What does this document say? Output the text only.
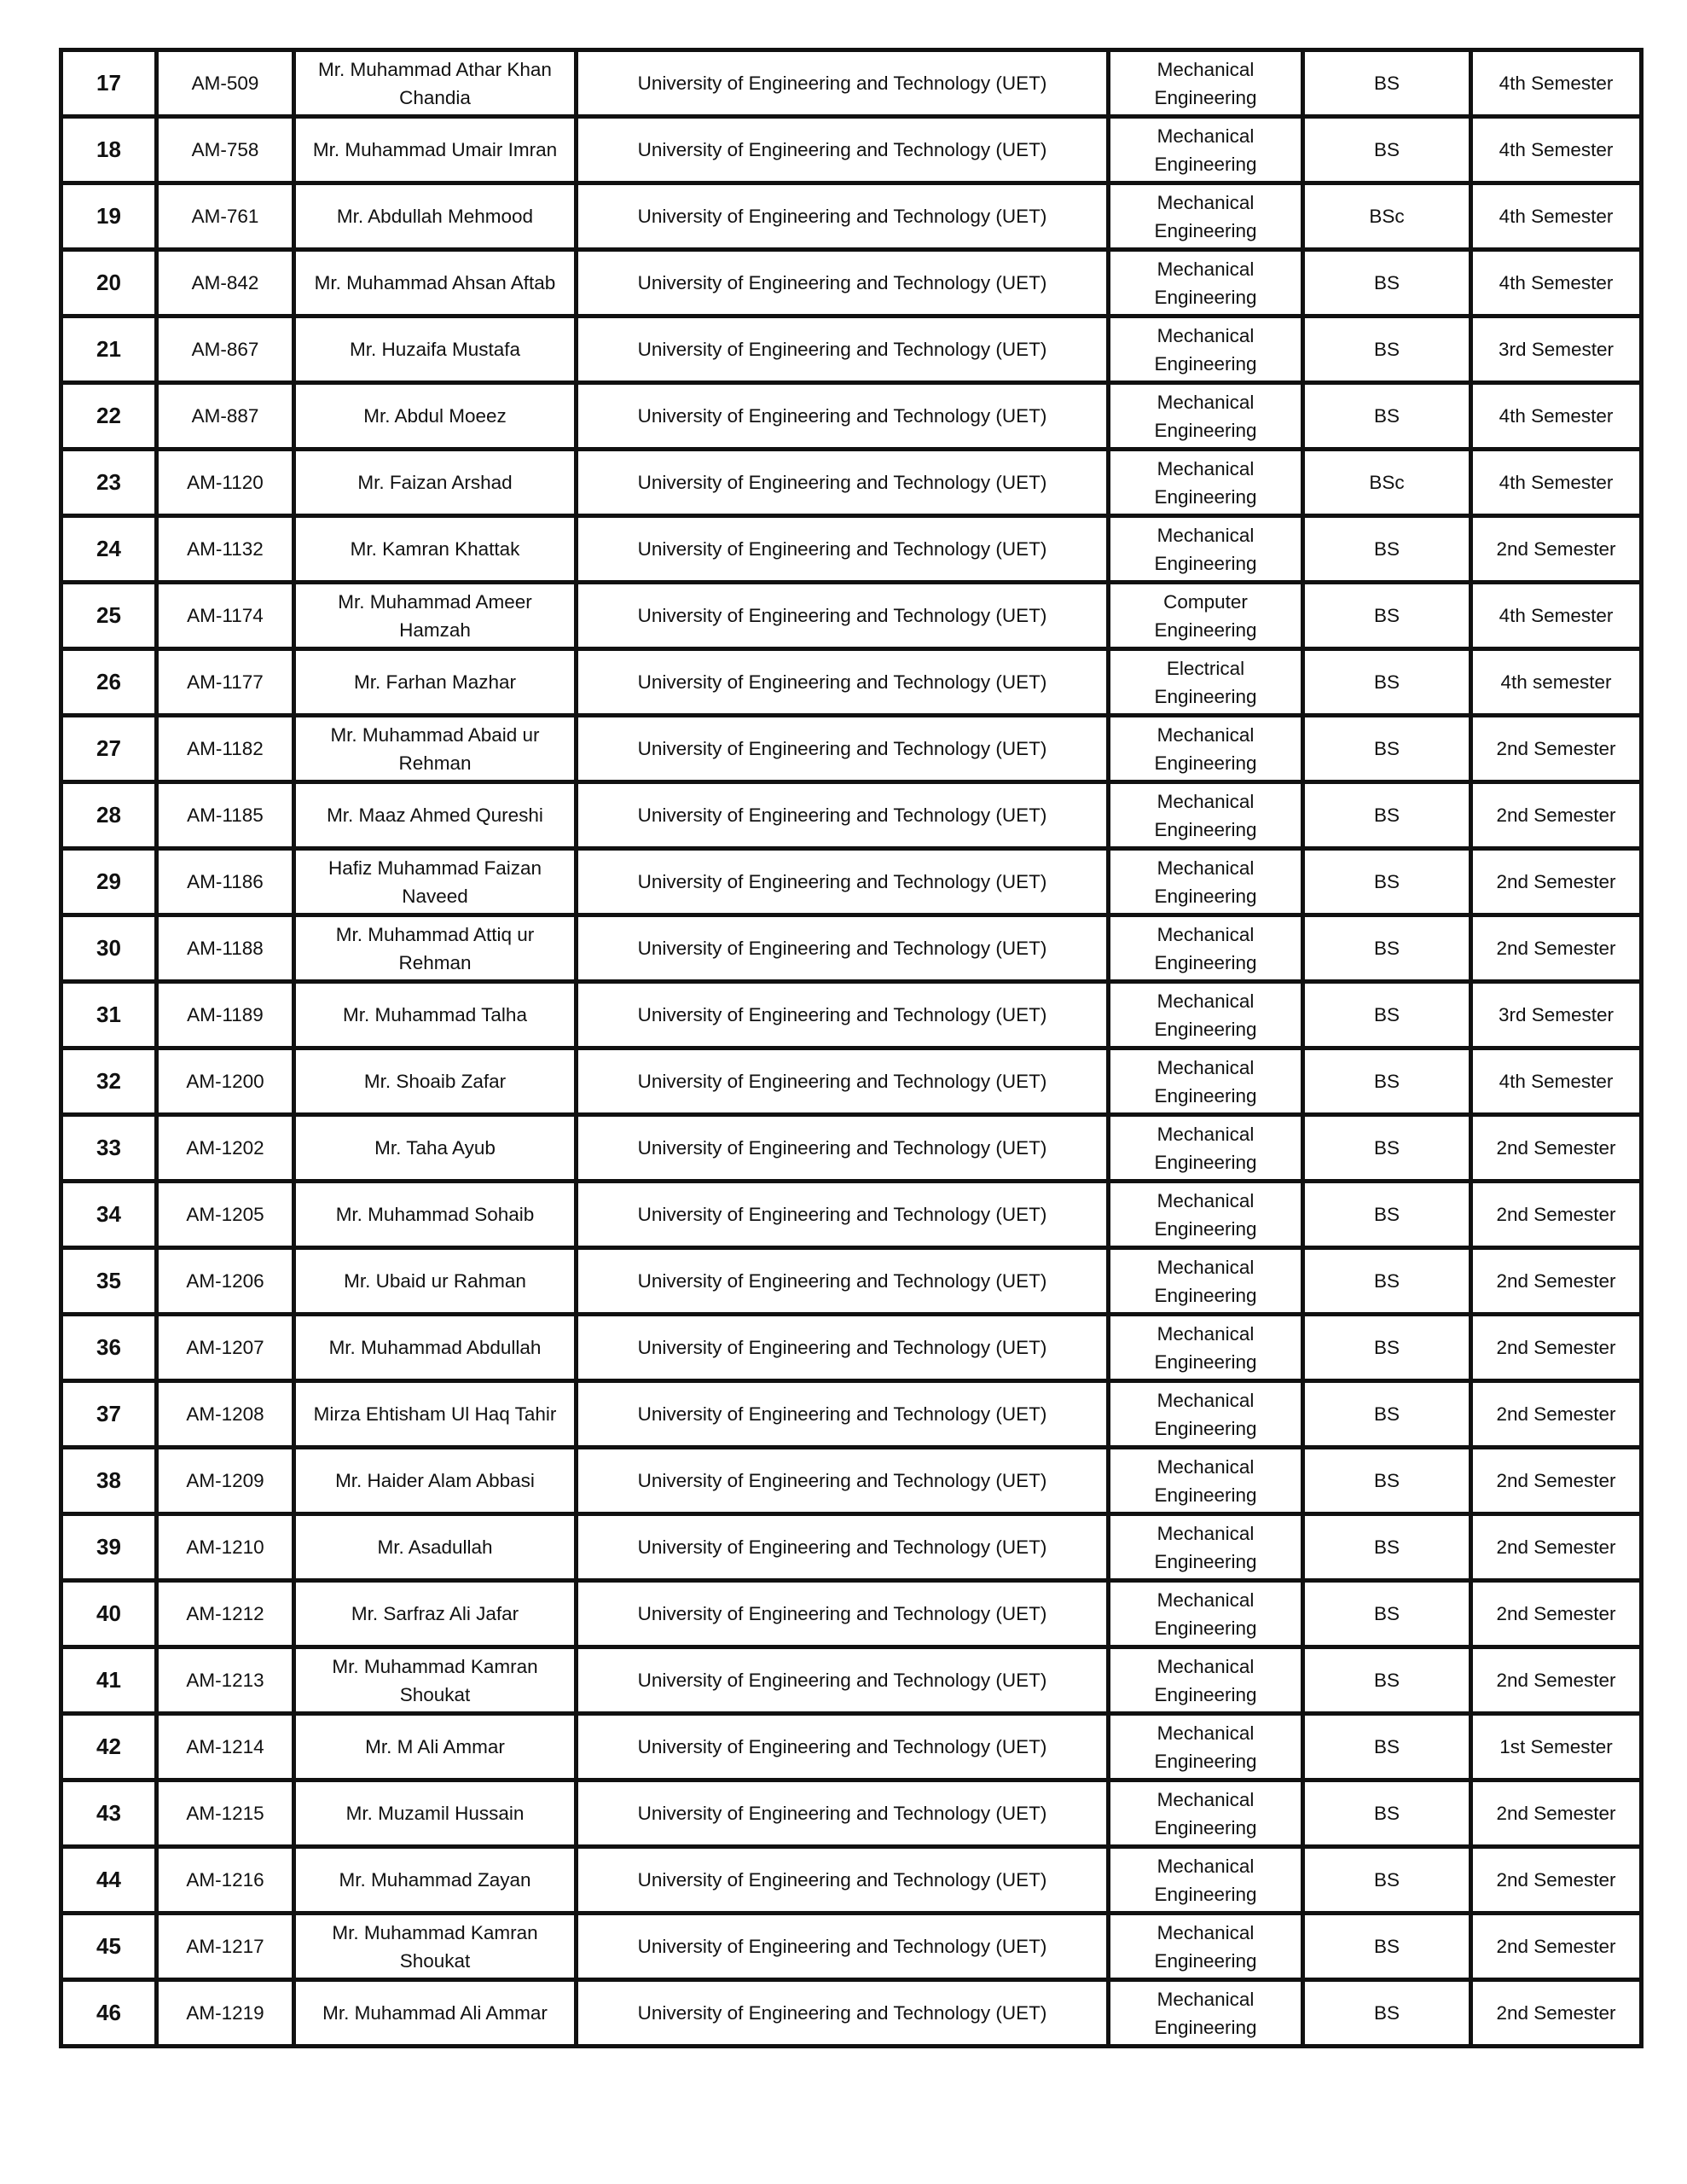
17	AM-509	Mr. Muhammad Athar Khan Chandia	University of Engineering and Technology (UET)	Mechanical Engineering	BS	4th Semester
18	AM-758	Mr. Muhammad Umair Imran	University of Engineering and Technology (UET)	Mechanical Engineering	BS	4th Semester
19	AM-761	Mr. Abdullah Mehmood	University of Engineering and Technology (UET)	Mechanical Engineering	BSc	4th Semester
20	AM-842	Mr. Muhammad Ahsan Aftab	University of Engineering and Technology (UET)	Mechanical Engineering	BS	4th Semester
21	AM-867	Mr. Huzaifa Mustafa	University of Engineering and Technology (UET)	Mechanical Engineering	BS	3rd Semester
22	AM-887	Mr. Abdul Moeez	University of Engineering and Technology (UET)	Mechanical Engineering	BS	4th Semester
23	AM-1120	Mr. Faizan Arshad	University of Engineering and Technology (UET)	Mechanical Engineering	BSc	4th Semester
24	AM-1132	Mr. Kamran Khattak	University of Engineering and Technology (UET)	Mechanical Engineering	BS	2nd Semester
25	AM-1174	Mr. Muhammad Ameer Hamzah	University of Engineering and Technology (UET)	Computer Engineering	BS	4th Semester
26	AM-1177	Mr. Farhan Mazhar	University of Engineering and Technology (UET)	Electrical Engineering	BS	4th semester
27	AM-1182	Mr. Muhammad Abaid ur Rehman	University of Engineering and Technology (UET)	Mechanical Engineering	BS	2nd Semester
28	AM-1185	Mr. Maaz Ahmed Qureshi	University of Engineering and Technology (UET)	Mechanical Engineering	BS	2nd Semester
29	AM-1186	Hafiz Muhammad Faizan Naveed	University of Engineering and Technology (UET)	Mechanical Engineering	BS	2nd Semester
30	AM-1188	Mr. Muhammad Attiq ur Rehman	University of Engineering and Technology (UET)	Mechanical Engineering	BS	2nd Semester
31	AM-1189	Mr. Muhammad Talha	University of Engineering and Technology (UET)	Mechanical Engineering	BS	3rd Semester
32	AM-1200	Mr. Shoaib Zafar	University of Engineering and Technology (UET)	Mechanical Engineering	BS	4th Semester
33	AM-1202	Mr. Taha Ayub	University of Engineering and Technology (UET)	Mechanical Engineering	BS	2nd Semester
34	AM-1205	Mr. Muhammad Sohaib	University of Engineering and Technology (UET)	Mechanical Engineering	BS	2nd Semester
35	AM-1206	Mr. Ubaid ur Rahman	University of Engineering and Technology (UET)	Mechanical Engineering	BS	2nd Semester
36	AM-1207	Mr. Muhammad Abdullah	University of Engineering and Technology (UET)	Mechanical Engineering	BS	2nd Semester
37	AM-1208	Mirza Ehtisham Ul Haq Tahir	University of Engineering and Technology (UET)	Mechanical Engineering	BS	2nd Semester
38	AM-1209	Mr. Haider Alam Abbasi	University of Engineering and Technology (UET)	Mechanical Engineering	BS	2nd Semester
39	AM-1210	Mr. Asadullah	University of Engineering and Technology (UET)	Mechanical Engineering	BS	2nd Semester
40	AM-1212	Mr. Sarfraz Ali Jafar	University of Engineering and Technology (UET)	Mechanical Engineering	BS	2nd Semester
41	AM-1213	Mr. Muhammad Kamran Shoukat	University of Engineering and Technology (UET)	Mechanical Engineering	BS	2nd Semester
42	AM-1214	Mr. M Ali Ammar	University of Engineering and Technology (UET)	Mechanical Engineering	BS	1st Semester
43	AM-1215	Mr. Muzamil Hussain	University of Engineering and Technology (UET)	Mechanical Engineering	BS	2nd Semester
44	AM-1216	Mr. Muhammad Zayan	University of Engineering and Technology (UET)	Mechanical Engineering	BS	2nd Semester
45	AM-1217	Mr. Muhammad Kamran Shoukat	University of Engineering and Technology (UET)	Mechanical Engineering	BS	2nd Semester
46	AM-1219	Mr. Muhammad Ali Ammar	University of Engineering and Technology (UET)	Mechanical Engineering	BS	2nd Semester
